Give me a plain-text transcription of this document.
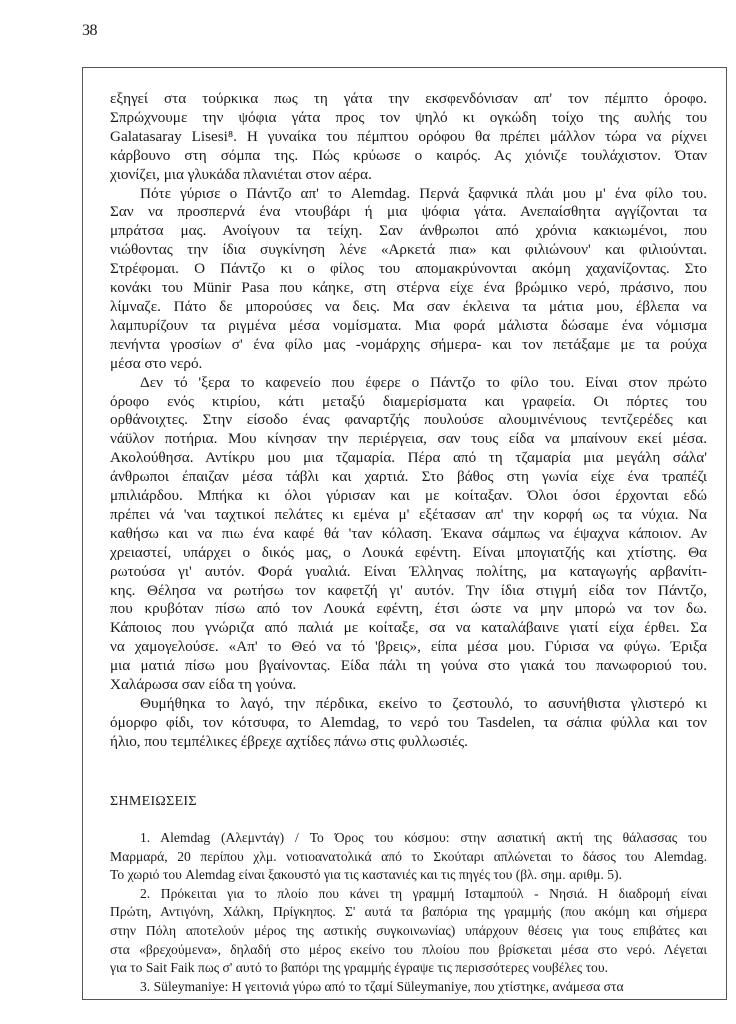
38
εξηγεί στα τούρκικα πως τη γάτα την εκσφενδόνισαν απ' τον πέμπτο όροφο.
Σπρώχνουμε την ψόφια γάτα προς τον ψηλό κι ογκώδη τοίχο της αυλής του
Galatasaray Lisesi⁸. Η γυναίκα του πέμπτου ορόφου θα πρέπει μάλλον τώρα να ρίχνει
κάρβουνο στη σόμπα της. Πώς κρύωσε ο καιρός. Ας χιόνιζε τουλάχιστον. Όταν
χιονίζει, μια γλυκάδα πλανιέται στον αέρα.
Πότε γύρισε ο Πάντζο απ' το Alemdag. Περνά ξαφνικά πλάι μου μ' ένα φίλο του.
Σαν να προσπερνά ένα ντουβάρι ή μια ψόφια γάτα. Ανεπαίσθητα αγγίζονται τα
μπράτσα μας. Ανοίγουν τα τείχη. Σαν άνθρωποι από χρόνια κακιωμένοι, που
νιώθοντας την ίδια συγκίνηση λένε «Αρκετά πια» και φιλιώνουν' και φιλιούνται.
Στρέφομαι. Ο Πάντζο κι ο φίλος του απομακρύνονται ακόμη χαχανίζοντας. Στο
κονάκι του Münir Pasa που κάηκε, στη στέρνα είχε ένα βρώμικο νερό, πράσινο, που
λίμναζε. Πάτο δε μπορούσες να δεις. Μα σαν έκλεινα τα μάτια μου, έβλεπα να
λαμπυρίζουν τα ριγμένα μέσα νομίσματα. Μια φορά μάλιστα δώσαμε ένα νόμισμα
πενήντα γροσίων σ' ένα φίλο μας -νομάρχης σήμερα- και τον πετάξαμε με τα ρούχα
μέσα στο νερό.
Δεν τό 'ξερα το καφενείο που έφερε ο Πάντζο το φίλο του. Είναι στον πρώτο
όροφο ενός κτιρίου, κάτι μεταξύ διαμερίσματα και γραφεία. Οι πόρτες του
ορθάνοιχτες. Στην είσοδο ένας φαναρτζής πουλούσε αλουμινένιους τεντζερέδες και
νάϋλον ποτήρια. Μου κίνησαν την περιέργεια, σαν τους είδα να μπαίνουν εκεί μέσα.
Ακολούθησα. Αντίκρυ μου μια τζαμαρία. Πέρα από τη τζαμαρία μια μεγάλη σάλα'
άνθρωποι έπαιζαν μέσα τάβλι και χαρτιά. Στο βάθος στη γωνία είχε ένα τραπέζι
μπιλιάρδου. Μπήκα κι όλοι γύρισαν και με κοίταξαν. Όλοι όσοι έρχονται εδώ
πρέπει νά 'ναι ταχτικοί πελάτες κι εμένα μ' εξέτασαν απ' την κορφή ως τα νύχια. Να
καθήσω και να πιω ένα καφέ θά 'ταν κόλαση. Έκανα σάμπως να έψαχνα κάποιον. Αν
χρειαστεί, υπάρχει ο δικός μας, ο Λουκά εφέντη. Είναι μπογιατζής και χτίστης. Θα
ρωτούσα γι' αυτόν. Φορά γυαλιά. Είναι Έλληνας πολίτης, μα καταγωγής αρβανίτι-
κης. Θέλησα να ρωτήσω τον καφετζή γι' αυτόν. Την ίδια στιγμή είδα τον Πάντζο,
που κρυβόταν πίσω από τον Λουκά εφέντη, έτσι ώστε να μην μπορώ να τον δω.
Κάποιος που γνώριζα από παλιά με κοίταξε, σα να καταλάβαινε γιατί είχα έρθει. Σα
να χαμογελούσε. «Απ' το Θεό να τό 'βρεις», είπα μέσα μου. Γύρισα να φύγω. Έριξα
μια ματιά πίσω μου βγαίνοντας. Είδα πάλι τη γούνα στο γιακά του πανωφοριού του.
Χαλάρωσα σαν είδα τη γούνα.
Θυμήθηκα το λαγό, την πέρδικα, εκείνο το ζεστουλό, το ασυνήθιστα γλιστερό κι
όμορφο φίδι, τον κότσυφα, το Alemdag, το νερό του Tasdelen, τα σάπια φύλλα και τον
ήλιο, που τεμπέλικες έβρεχε αχτίδες πάνω στις φυλλωσιές.
ΣΗΜΕΙΩΣΕΙΣ
1. Alemdag (Αλεμντάγ) / Το Όρος του κόσμου: στην ασιατική ακτή της θάλασσας του
Μαρμαρά, 20 περίπου χλμ. νοτιοανατολικά από το Σκούταρι απλώνεται το δάσος του Alemdag.
Το χωριό του Alemdag είναι ξακουστό για τις καστανιές και τις πηγές του (βλ. σημ. αριθμ. 5).
2. Πρόκειται για το πλοίο που κάνει τη γραμμή Ισταμπούλ - Νησιά. Η διαδρομή είναι
Πρώτη, Αντιγόνη, Χάλκη, Πρίγκηπος. Σ' αυτά τα βαπόρια της γραμμής (που ακόμη και σήμερα
στην Πόλη αποτελούν μέρος της αστικής συγκοινωνίας) υπάρχουν θέσεις για τους επιβάτες και
στα «βρεχούμενα», δηλαδή στο μέρος εκείνο του πλοίου που βρίσκεται μέσα στο νερό. Λέγεται
για το Sait Faik πως σ' αυτό το βαπόρι της γραμμής έγραψε τις περισσότερες νουβέλες του.
3. Süleymaniye: Η γειτονιά γύρω από το τζαμί Süleymaniye, που χτίστηκε, ανάμεσα στα
